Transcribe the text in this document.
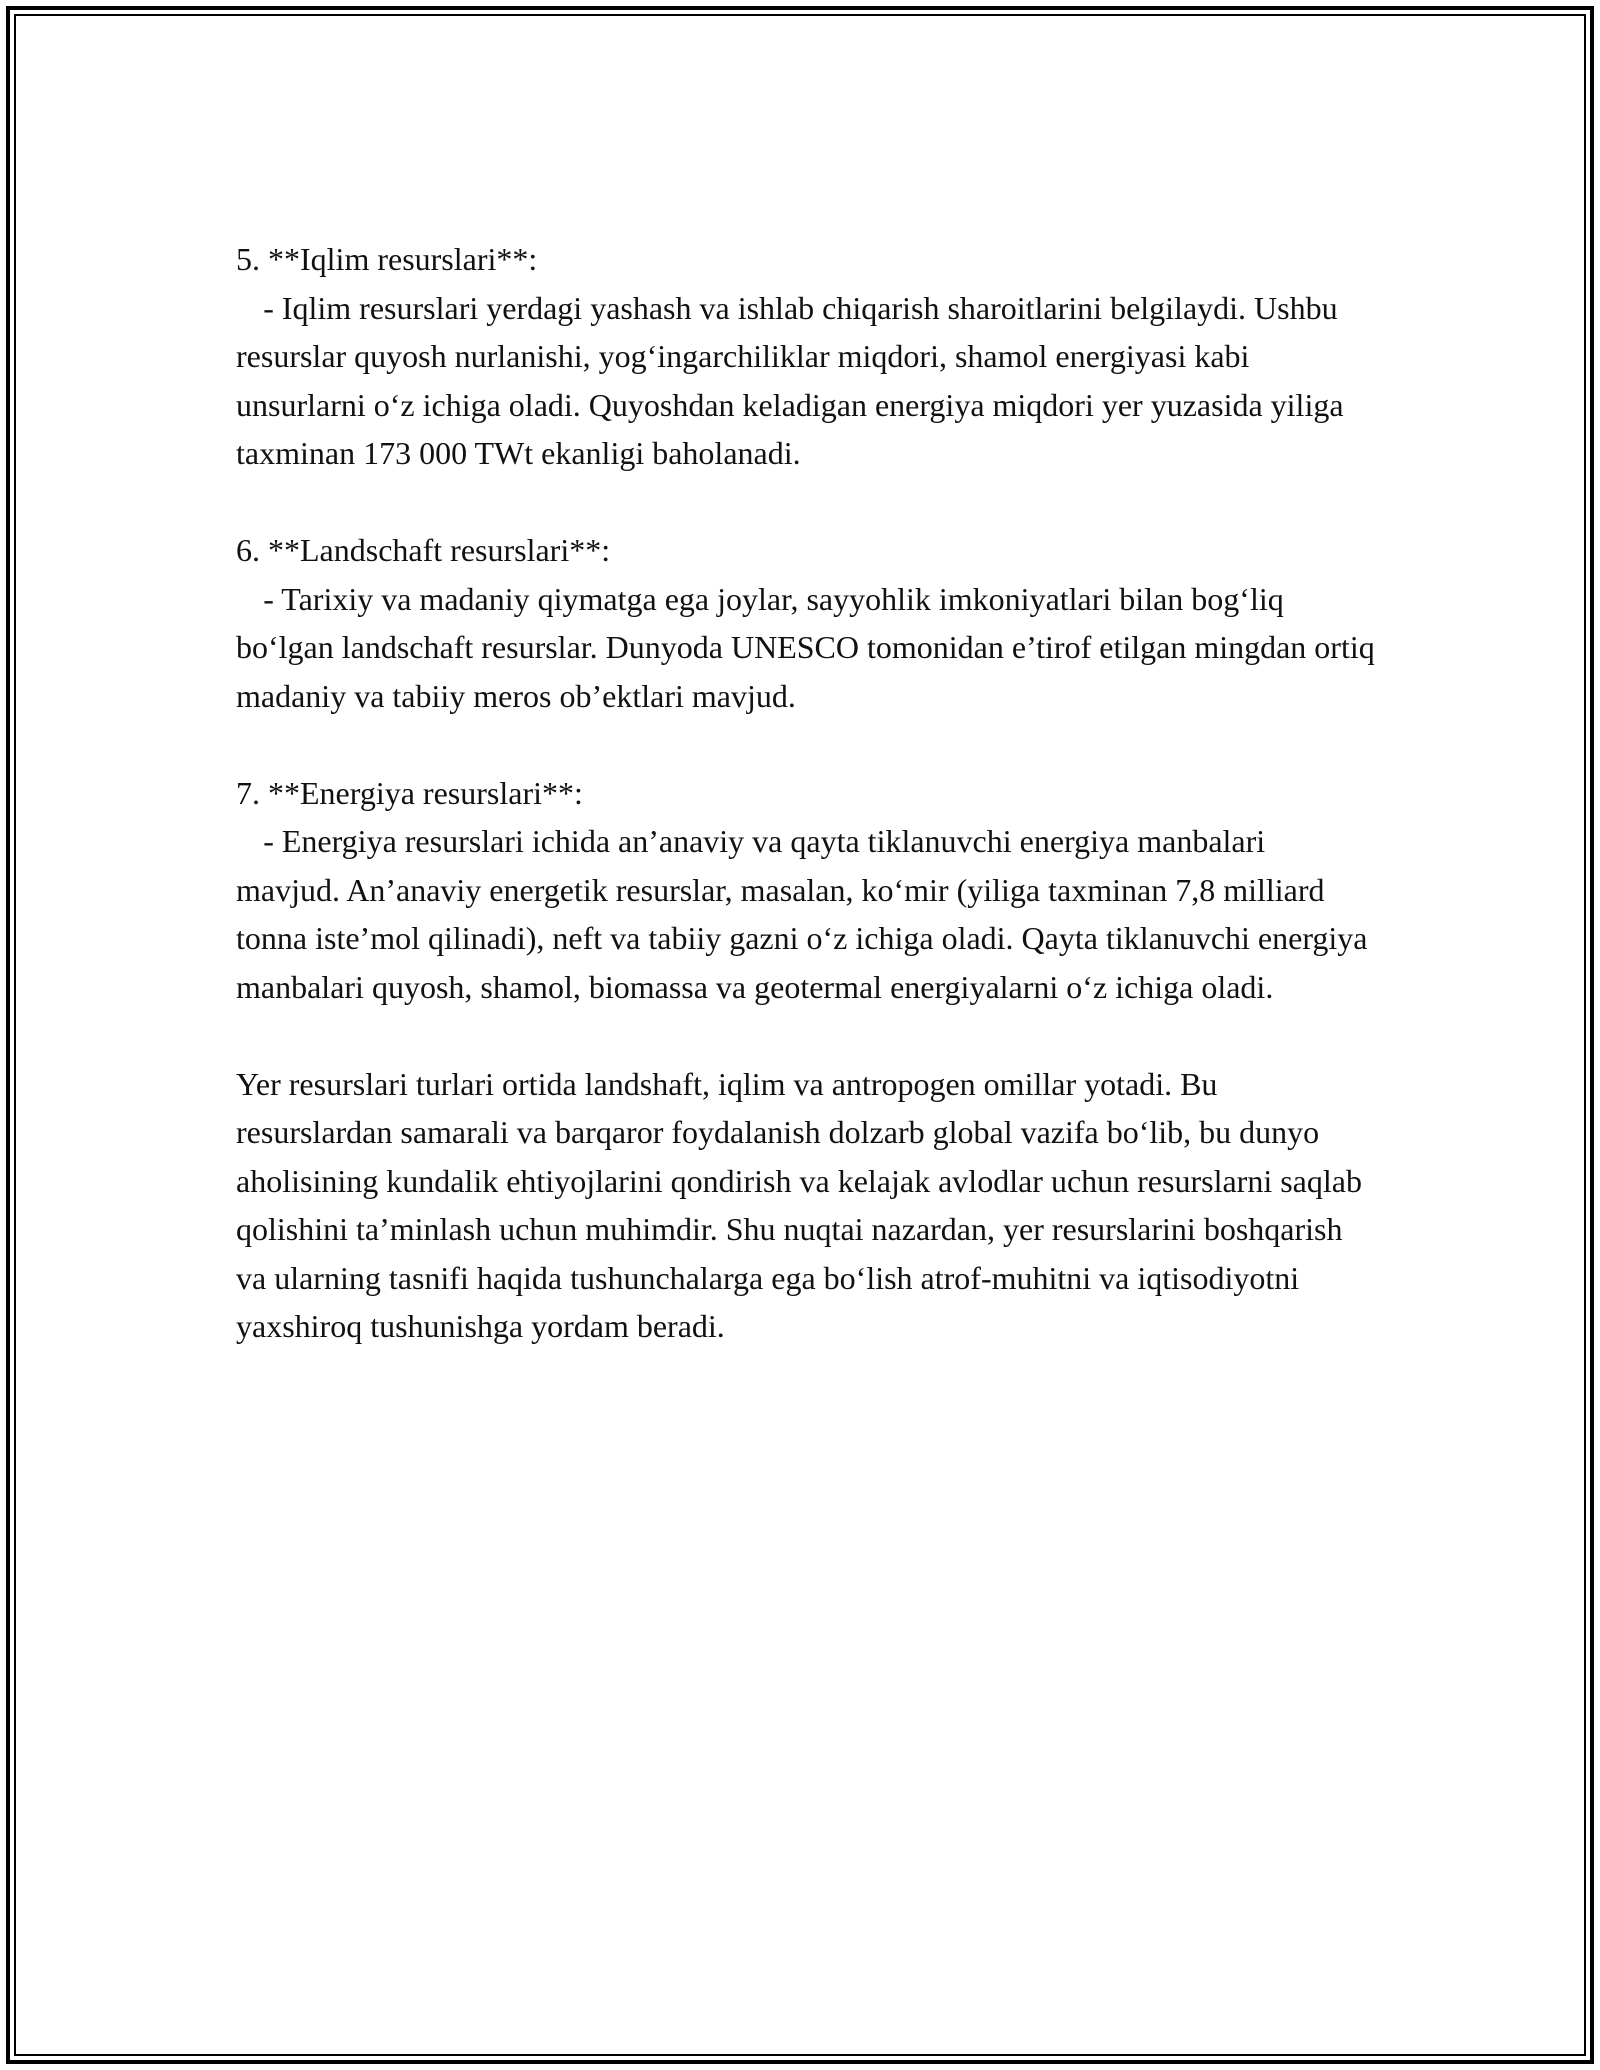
5. **Iqlim resurslari**:

- Iqlim resurslari yerdagi yashash va ishlab chiqarish sharoitlarini belgilaydi. Ushbu resurslar quyosh nurlanishi, yog‘ingarchiliklar miqdori, shamol energiyasi kabi unsurlarni o‘z ichiga oladi. Quyoshdan keladigan energiya miqdori yer yuzasida yiliga taxminan 173 000 TWt ekanligi baholanadi.

6. **Landschaft resurslari**:

- Tarixiy va madaniy qiymatga ega joylar, sayyohlik imkoniyatlari bilan bog‘liq bo‘lgan landschaft resurslar. Dunyoda UNESCO tomonidan e’tirof etilgan mingdan ortiq madaniy va tabiiy meros ob’ektlari mavjud.

7. **Energiya resurslari**:

- Energiya resurslari ichida an’anaviy va qayta tiklanuvchi energiya manbalari mavjud. An’anaviy energetik resurslar, masalan, ko‘mir (yiliga taxminan 7,8 milliard tonna iste’mol qilinadi), neft va tabiiy gazni o‘z ichiga oladi. Qayta tiklanuvchi energiya manbalari quyosh, shamol, biomassa va geotermal energiyalarni o‘z ichiga oladi.

Yer resurslari turlari ortida landshaft, iqlim va antropogen omillar yotadi. Bu resurslardan samarali va barqaror foydalanish dolzarb global vazifa bo‘lib, bu dunyo aholisining kundalik ehtiyojlarini qondirish va kelajak avlodlar uchun resurslarni saqlab qolishini ta’minlash uchun muhimdir. Shu nuqtai nazardan, yer resurslarini boshqarish va ularning tasnifi haqida tushunchalarga ega bo‘lish atrof-muhitni va iqtisodiyotni yaxshiroq tushunishga yordam beradi.
